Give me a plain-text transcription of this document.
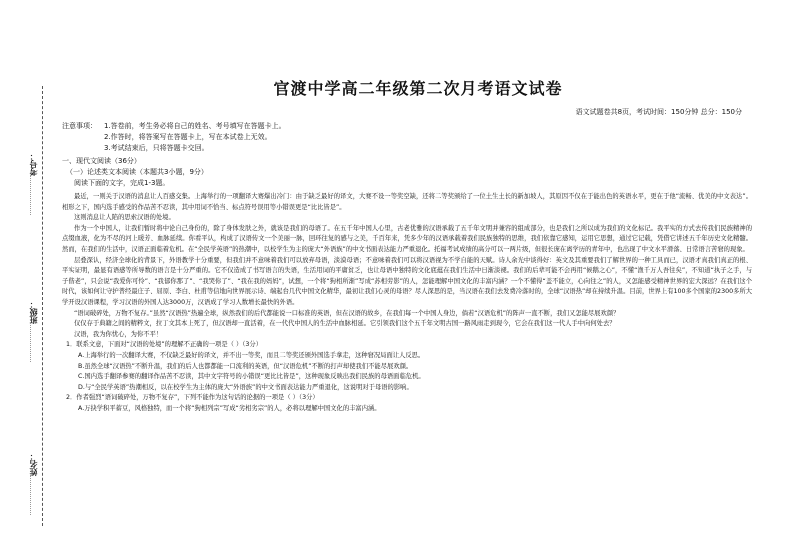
考号：
班级：
姓名：
官渡中学高二年级第二次月考语文试卷
语文试题卷共8页，考试时间：150分钟 总分：150分
注意事项：	1.答卷前，考生务必将自己的姓名、考号填写在答题卡上。
2.作答时，将答案写在答题卡上，写在本试卷上无效。
3.考试结束后，只将答题卡交回。
一、现代文阅读（36分）
（一）论述类文本阅读（本题共3小题，9分）
阅读下面的文字，完成1-3题。

最近，一则关于汉语的消息让人百感交集。上海举行的一项翻译大赛爆出冷门：由于缺乏最好的译文，大赛不设一等奖空缺，还将二等奖颁给了一位土生土长的新加坡人，其原因不仅在于能出色的英语水平，更在于他“流畅、优美的中文表达”。相形之下，国内选手感受的作品苦不忍读，其中用词不恰当、标点符号误用等小错误更是“比比皆是”。

这则消息让人陷的思索汉语的处境。

作为一个中国人，让我们暂时将中论自己身份的，除了身体发肤之外，就该是我们的母语了。在五千年中国人心里，古老优雅的汉语承载了五千年文明并兼容的组成部分，也是我们之所以成为我们的文化标记。我平实的方式去传我们民族精神的点缀血液，化为不尽的河上暖芳、血脉延续。你看平认，构成了汉语传文一个美丽一脉，回环往复的感与之美，千百年来，凭多少年的汉语承载着我们民族独特的思维，我们依靠它感知，运用它思想，通过它记载，凭借它讲述五千年历史文化精髓。然而，在我们的生活中，汉语正面临着危机。在“全民学英语”的热潮中，以校学生为主的庞大“外语族”的中文书面表达能力严重退化。托福考试成绩的高分可以一两片级，但很长庞在离学历的青年中，也出现了中文水平滑落、日常语言苦窘的现象。

层叠深认，经济全球化的背景下，外语教学十分重要，但我们并不意味着我们可以放弃母语，淡漠母语；不意味着我们可以将汉语视为不学自能的天赋。诗人余光中谈得好：英文及其重要我们了解世界的一种工具而已，汉语才真我们真正的根、平实证明，最显有语感等所导数的语言是十分严重的。它不仅造成了书写语言的失语，生活用词的平庸贫乏，也让母语中独特的文化底蕴在我们生活中日渐淡褪。我们的后辈可能不会再用“候鹅之心”，不懂“渔千万人吾往矣”，不知道“执子之手，与子偕老”，只会说“我爱你可怜”、“我郁你那了”、“我哭你了”、“我在我的妈妈”，试想，一个将“狗相所渐”写成“苏相劳影”的人，怎能理解中国文化的丰富内涵？一个不懂得“盖不能立，心向往之”的人，又怎能感受精神世界的宏大深远？在我们这个时代，该如何让守护普经最庄子、屈原、李白、杜甫等信地向世界展示诗、端起台几代中国文化精华，最初让我们心灵的母语？尽人深思的是，当汉语在我们去发费冷落时的，全球“汉语热”却在持续升温。目前，世界上有100多个国家的2300多所大学开设汉语课程，学习汉语的外国人达3000万，汉语成了学习人数增长最快的外语。

“语词破碎处，万物不复存。”虽然“汉语热”热遍全球，纵然我们的后代都能说一口标准的英语，但在汉语的故乡，在我们每一个中国人身边，倘若“汉语危机”的阵声一直不断，我们又怎能尽展欢颜？

仅仅存于典籍之间的精粹文，拉丁文其本上死了，但汉语却一直活着，在一代代中国人的生活中血脉相延。它引领我们这个五千年文明古国一路风雨走到现今，它会在我们这一代人手中向何处去？

汉语，我为你忧心，为你不平！

1．联系文意，下面对“汉语的处境”的理解不正确的一项是（ ）（3分）
A.上海举行的一次翻译大赛，不仅缺乏最好的译文，并不出一等奖，而且二等奖还颁外国选手拿走，这种窘况局面让人反思。
B.虽然全球“汉语热”不断升温，我们的后人也都都能一口流利的英语，但“汉语危机”不断的打声却使我们不能尽展欢颜。
C.国内选手翻译参赛的翻译作品苦不忍读，其中文字符号的小错误“更比比皆是”，这种现象反映出我们民族的母语面临危机。
D.与“全民学英语”热潮相反，以在校学生为主体的庞大“外语族”的中文书面表达能力严重退化，这说明对于母语的影响。
2．作者强烈“语词破碎处，万物不复存”，下列不能作为这句话的论据的一项是（ ）（3分）
A.万抉学积平蓄豆，风格独特，而一个将“狗相列宗”写成“劣相劣宗”的人，必将以理解中国文化的丰富内涵。
